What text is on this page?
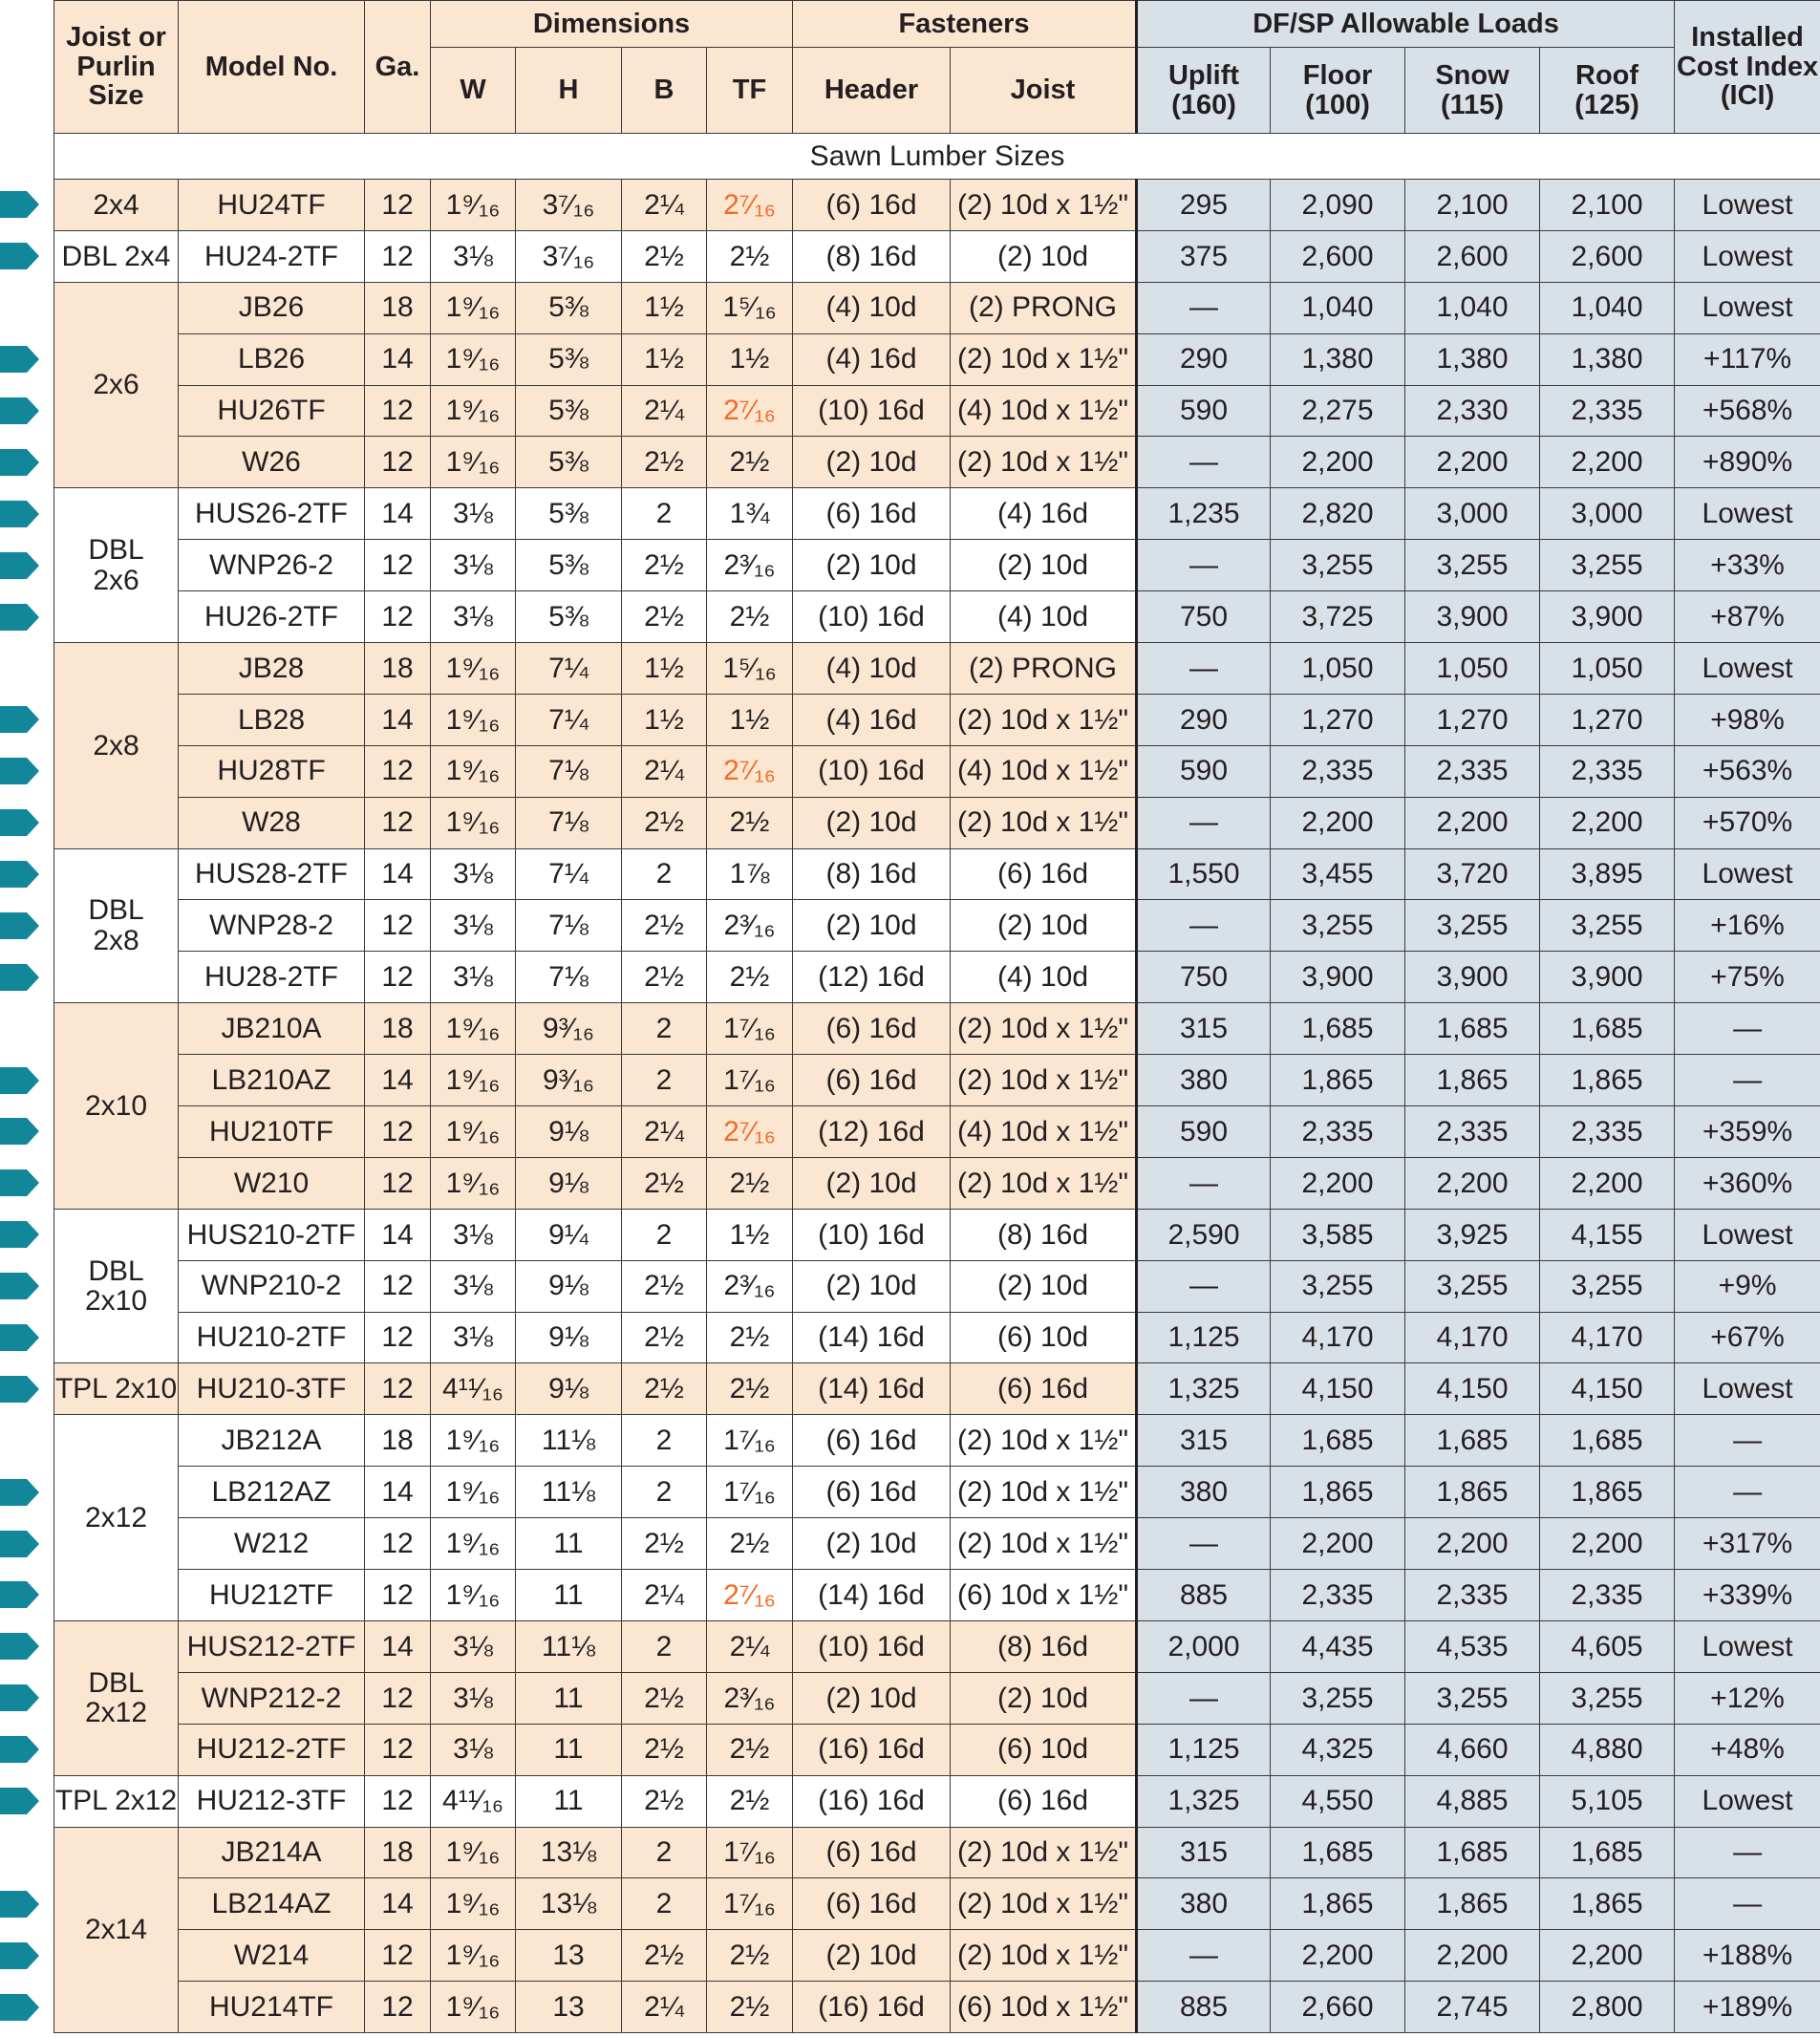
Joist or Purlin Size	Model No.	Ga.	Dimensions				Fasteners		DF/SP Allowable Loads				Installed Cost Index (ICI)
			W	H	B	TF	Header	Joist	Uplift (160)	Floor (100)	Snow (115)	Roof (125)	
Sawn Lumber Sizes													
2x4	HU24TF	12	1⁹⁄₁₆	3⁷⁄₁₆	2¼	2⁷⁄₁₆	(6) 16d	(2) 10d x 1½"	295	2,090	2,100	2,100	Lowest
DBL 2x4	HU24-2TF	12	3⅛	3⁷⁄₁₆	2½	2½	(8) 16d	(2) 10d	375	2,600	2,600	2,600	Lowest
2x6	JB26	18	1⁹⁄₁₆	5⅜	1½	1⁵⁄₁₆	(4) 10d	(2) PRONG	—	1,040	1,040	1,040	Lowest
	LB26	14	1⁹⁄₁₆	5⅜	1½	1½	(4) 16d	(2) 10d x 1½"	290	1,380	1,380	1,380	+117%
	HU26TF	12	1⁹⁄₁₆	5⅜	2¼	2⁷⁄₁₆	(10) 16d	(4) 10d x 1½"	590	2,275	2,330	2,335	+568%
	W26	12	1⁹⁄₁₆	5⅜	2½	2½	(2) 10d	(2) 10d x 1½"	—	2,200	2,200	2,200	+890%
DBL 2x6	HUS26-2TF	14	3⅛	5⅜	2	1¾	(6) 16d	(4) 16d	1,235	2,820	3,000	3,000	Lowest
	WNP26-2	12	3⅛	5⅜	2½	2³⁄₁₆	(2) 10d	(2) 10d	—	3,255	3,255	3,255	+33%
	HU26-2TF	12	3⅛	5⅜	2½	2½	(10) 16d	(4) 10d	750	3,725	3,900	3,900	+87%
2x8	JB28	18	1⁹⁄₁₆	7¼	1½	1⁵⁄₁₆	(4) 10d	(2) PRONG	—	1,050	1,050	1,050	Lowest
	LB28	14	1⁹⁄₁₆	7¼	1½	1½	(4) 16d	(2) 10d x 1½"	290	1,270	1,270	1,270	+98%
	HU28TF	12	1⁹⁄₁₆	7⅛	2¼	2⁷⁄₁₆	(10) 16d	(4) 10d x 1½"	590	2,335	2,335	2,335	+563%
	W28	12	1⁹⁄₁₆	7⅛	2½	2½	(2) 10d	(2) 10d x 1½"	—	2,200	2,200	2,200	+570%
DBL 2x8	HUS28-2TF	14	3⅛	7¼	2	1⅞	(8) 16d	(6) 16d	1,550	3,455	3,720	3,895	Lowest
	WNP28-2	12	3⅛	7⅛	2½	2³⁄₁₆	(2) 10d	(2) 10d	—	3,255	3,255	3,255	+16%
	HU28-2TF	12	3⅛	7⅛	2½	2½	(12) 16d	(4) 10d	750	3,900	3,900	3,900	+75%
2x10	JB210A	18	1⁹⁄₁₆	9³⁄₁₆	2	1⁷⁄₁₆	(6) 16d	(2) 10d x 1½"	315	1,685	1,685	1,685	—
	LB210AZ	14	1⁹⁄₁₆	9³⁄₁₆	2	1⁷⁄₁₆	(6) 16d	(2) 10d x 1½"	380	1,865	1,865	1,865	—
	HU210TF	12	1⁹⁄₁₆	9⅛	2¼	2⁷⁄₁₆	(12) 16d	(4) 10d x 1½"	590	2,335	2,335	2,335	+359%
	W210	12	1⁹⁄₁₆	9⅛	2½	2½	(2) 10d	(2) 10d x 1½"	—	2,200	2,200	2,200	+360%
DBL 2x10	HUS210-2TF	14	3⅛	9¼	2	1½	(10) 16d	(8) 16d	2,590	3,585	3,925	4,155	Lowest
	WNP210-2	12	3⅛	9⅛	2½	2³⁄₁₆	(2) 10d	(2) 10d	—	3,255	3,255	3,255	+9%
	HU210-2TF	12	3⅛	9⅛	2½	2½	(14) 16d	(6) 10d	1,125	4,170	4,170	4,170	+67%
TPL 2x10	HU210-3TF	12	4¹¹⁄₁₆	9⅛	2½	2½	(14) 16d	(6) 16d	1,325	4,150	4,150	4,150	Lowest
2x12	JB212A	18	1⁹⁄₁₆	11⅛	2	1⁷⁄₁₆	(6) 16d	(2) 10d x 1½"	315	1,685	1,685	1,685	—
	LB212AZ	14	1⁹⁄₁₆	11⅛	2	1⁷⁄₁₆	(6) 16d	(2) 10d x 1½"	380	1,865	1,865	1,865	—
	W212	12	1⁹⁄₁₆	11	2½	2½	(2) 10d	(2) 10d x 1½"	—	2,200	2,200	2,200	+317%
	HU212TF	12	1⁹⁄₁₆	11	2¼	2⁷⁄₁₆	(14) 16d	(6) 10d x 1½"	885	2,335	2,335	2,335	+339%
DBL 2x12	HUS212-2TF	14	3⅛	11⅛	2	2¼	(10) 16d	(8) 16d	2,000	4,435	4,535	4,605	Lowest
	WNP212-2	12	3⅛	11	2½	2³⁄₁₆	(2) 10d	(2) 10d	—	3,255	3,255	3,255	+12%
	HU212-2TF	12	3⅛	11	2½	2½	(16) 16d	(6) 10d	1,125	4,325	4,660	4,880	+48%
TPL 2x12	HU212-3TF	12	4¹¹⁄₁₆	11	2½	2½	(16) 16d	(6) 16d	1,325	4,550	4,885	5,105	Lowest
2x14	JB214A	18	1⁹⁄₁₆	13⅛	2	1⁷⁄₁₆	(6) 16d	(2) 10d x 1½"	315	1,685	1,685	1,685	—
	LB214AZ	14	1⁹⁄₁₆	13⅛	2	1⁷⁄₁₆	(6) 16d	(2) 10d x 1½"	380	1,865	1,865	1,865	—
	W214	12	1⁹⁄₁₆	13	2½	2½	(2) 10d	(2) 10d x 1½"	—	2,200	2,200	2,200	+188%
	HU214TF	12	1⁹⁄₁₆	13	2¼	2½	(16) 16d	(6) 10d x 1½"	885	2,660	2,745	2,800	+189%
